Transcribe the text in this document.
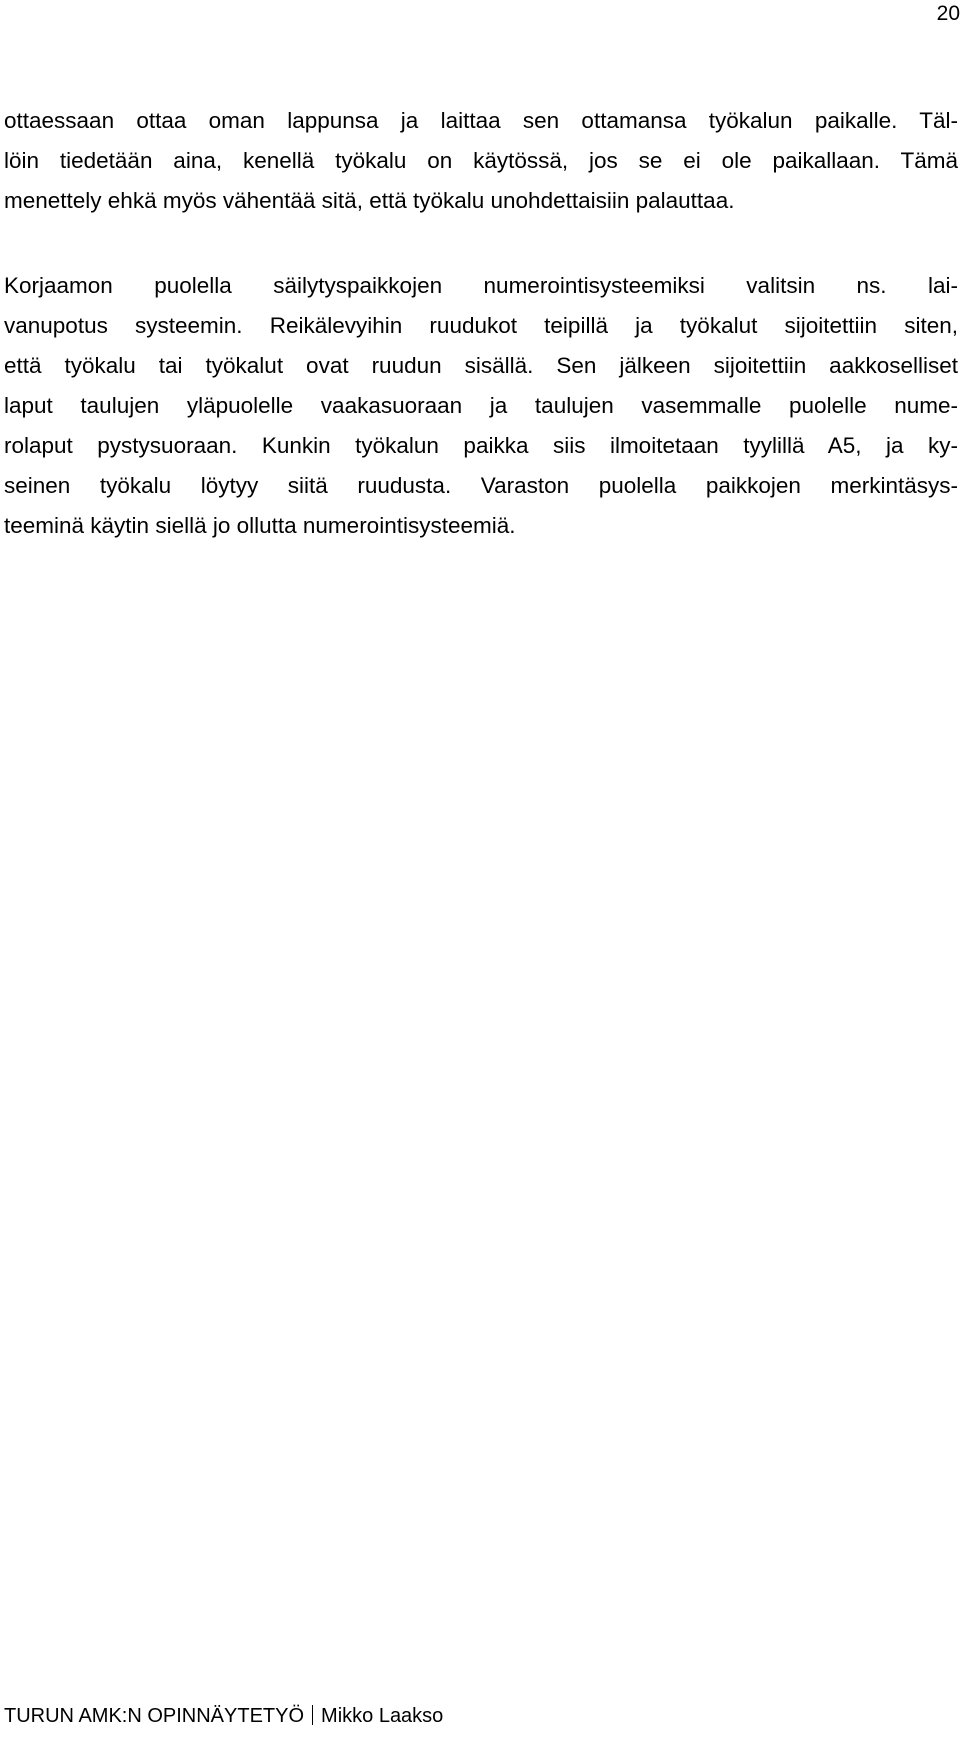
20
ottaessaan ottaa oman lappunsa ja laittaa sen ottamansa työkalun paikalle. Täl-
löin tiedetään aina, kenellä työkalu on käytössä, jos se ei ole paikallaan. Tämä
menettely ehkä myös vähentää sitä, että työkalu unohdettaisiin palauttaa.
Korjaamon puolella säilytyspaikkojen numerointisysteemiksi valitsin ns. lai-
vanupotus systeemin. Reikälevyihin ruudukot teipillä ja työkalut sijoitettiin siten,
että työkalu tai työkalut ovat ruudun sisällä. Sen jälkeen sijoitettiin aakkoselliset
laput taulujen yläpuolelle vaakasuoraan ja taulujen vasemmalle puolelle nume-
rolaput pystysuoraan. Kunkin työkalun paikka siis ilmoitetaan tyylillä A5, ja ky-
seinen työkalu löytyy siitä ruudusta. Varaston puolella paikkojen merkintäsys-
teeminä käytin siellä jo ollutta numerointisysteemiä.
TURUN AMK:N OPINNÄYTETYÖ Mikko Laakso
